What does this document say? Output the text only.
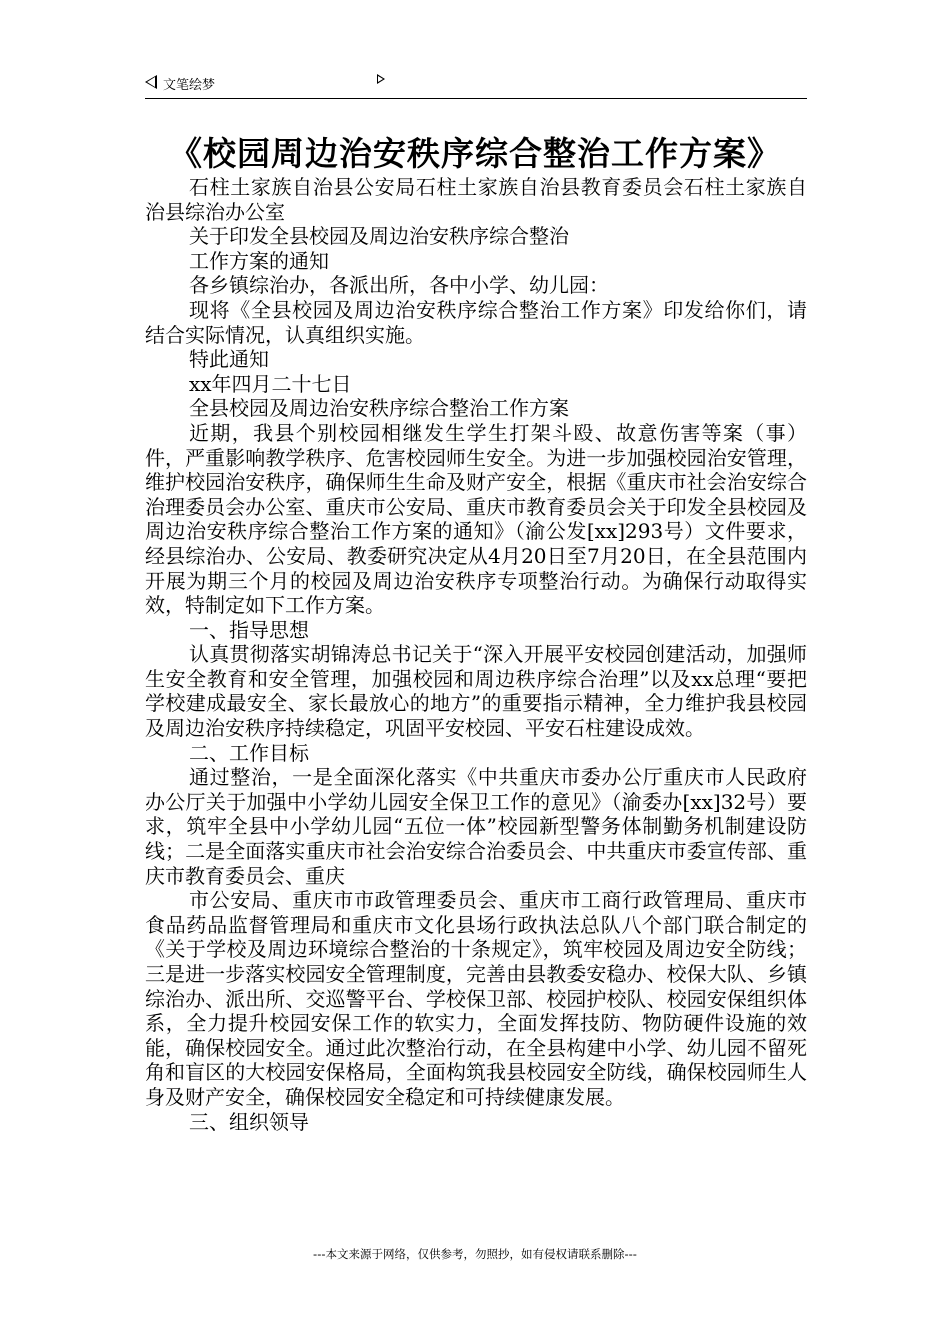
文笔绘梦
《校园周边治安秩序综合整治工作方案》

石柱土家族自治县公安局石柱土家族自治县教育委员会石柱土家族自治县综治办公室

关于印发全县校园及周边治安秩序综合整治

工作方案的通知

各乡镇综治办，各派出所，各中小学、幼儿园：

现将《全县校园及周边治安秩序综合整治工作方案》印发给你们，请结合实际情况，认真组织实施。

特此通知

xx年四月二十七日

全县校园及周边治安秩序综合整治工作方案

近期，我县个别校园相继发生学生打架斗殴、故意伤害等案（事）件，严重影响教学秩序、危害校园师生安全。为进一步加强校园治安管理，维护校园治安秩序，确保师生生命及财产安全，根据《重庆市社会治安综合治理委员会办公室、重庆市公安局、重庆市教育委员会关于印发全县校园及周边治安秩序综合整治工作方案的通知》（渝公发[xx]293号）文件要求，经县综治办、公安局、教委研究决定从4月20日至7月20日，在全县范围内开展为期三个月的校园及周边治安秩序专项整治行动。为确保行动取得实效，特制定如下工作方案。

一、指导思想

认真贯彻落实胡锦涛总书记关于“深入开展平安校园创建活动，加强师生安全教育和安全管理，加强校园和周边秩序综合治理”以及xx总理“要把学校建成最安全、家长最放心的地方”的重要指示精神，全力维护我县校园及周边治安秩序持续稳定，巩固平安校园、平安石柱建设成效。

二、工作目标

通过整治，一是全面深化落实《中共重庆市委办公厅重庆市人民政府办公厅关于加强中小学幼儿园安全保卫工作的意见》（渝委办[xx]32号）要求，筑牢全县中小学幼儿园“五位一体”校园新型警务体制勤务机制建设防线；二是全面落实重庆市社会治安综合治委员会、中共重庆市委宣传部、重庆市教育委员会、重庆

市公安局、重庆市市政管理委员会、重庆市工商行政管理局、重庆市食品药品监督管理局和重庆市文化县场行政执法总队八个部门联合制定的《关于学校及周边环境综合整治的十条规定》，筑牢校园及周边安全防线；三是进一步落实校园安全管理制度，完善由县教委安稳办、校保大队、乡镇综治办、派出所、交巡警平台、学校保卫部、校园护校队、校园安保组织体系，全力提升校园安保工作的软实力，全面发挥技防、物防硬件设施的效能，确保校园安全。通过此次整治行动，在全县构建中小学、幼儿园不留死角和盲区的大校园安保格局，全面构筑我县校园安全防线，确保校园师生人身及财产安全，确保校园安全稳定和可持续健康发展。

三、组织领导

---本文来源于网络，仅供参考，勿照抄，如有侵权请联系删除---
